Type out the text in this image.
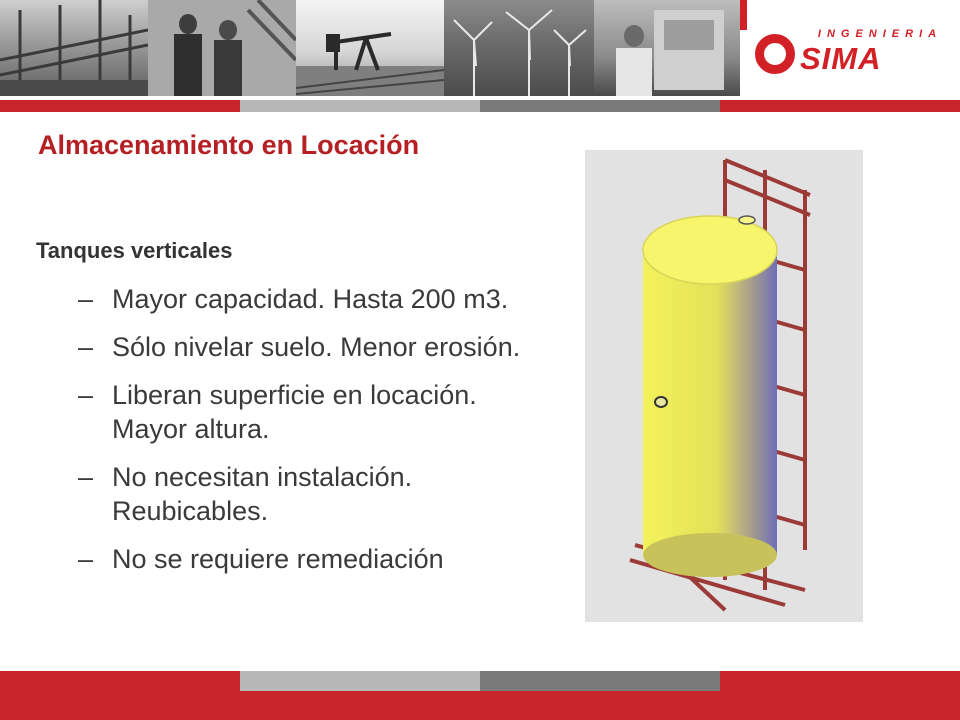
INGENIERIA
SIMA
Almacenamiento en Locación
Tanques verticales
– Mayor capacidad. Hasta 200 m3.
– Sólo nivelar suelo. Menor erosión.
– Liberan superficie en locación. Mayor altura.
– No necesitan instalación. Reubicables.
– No se requiere remediación
